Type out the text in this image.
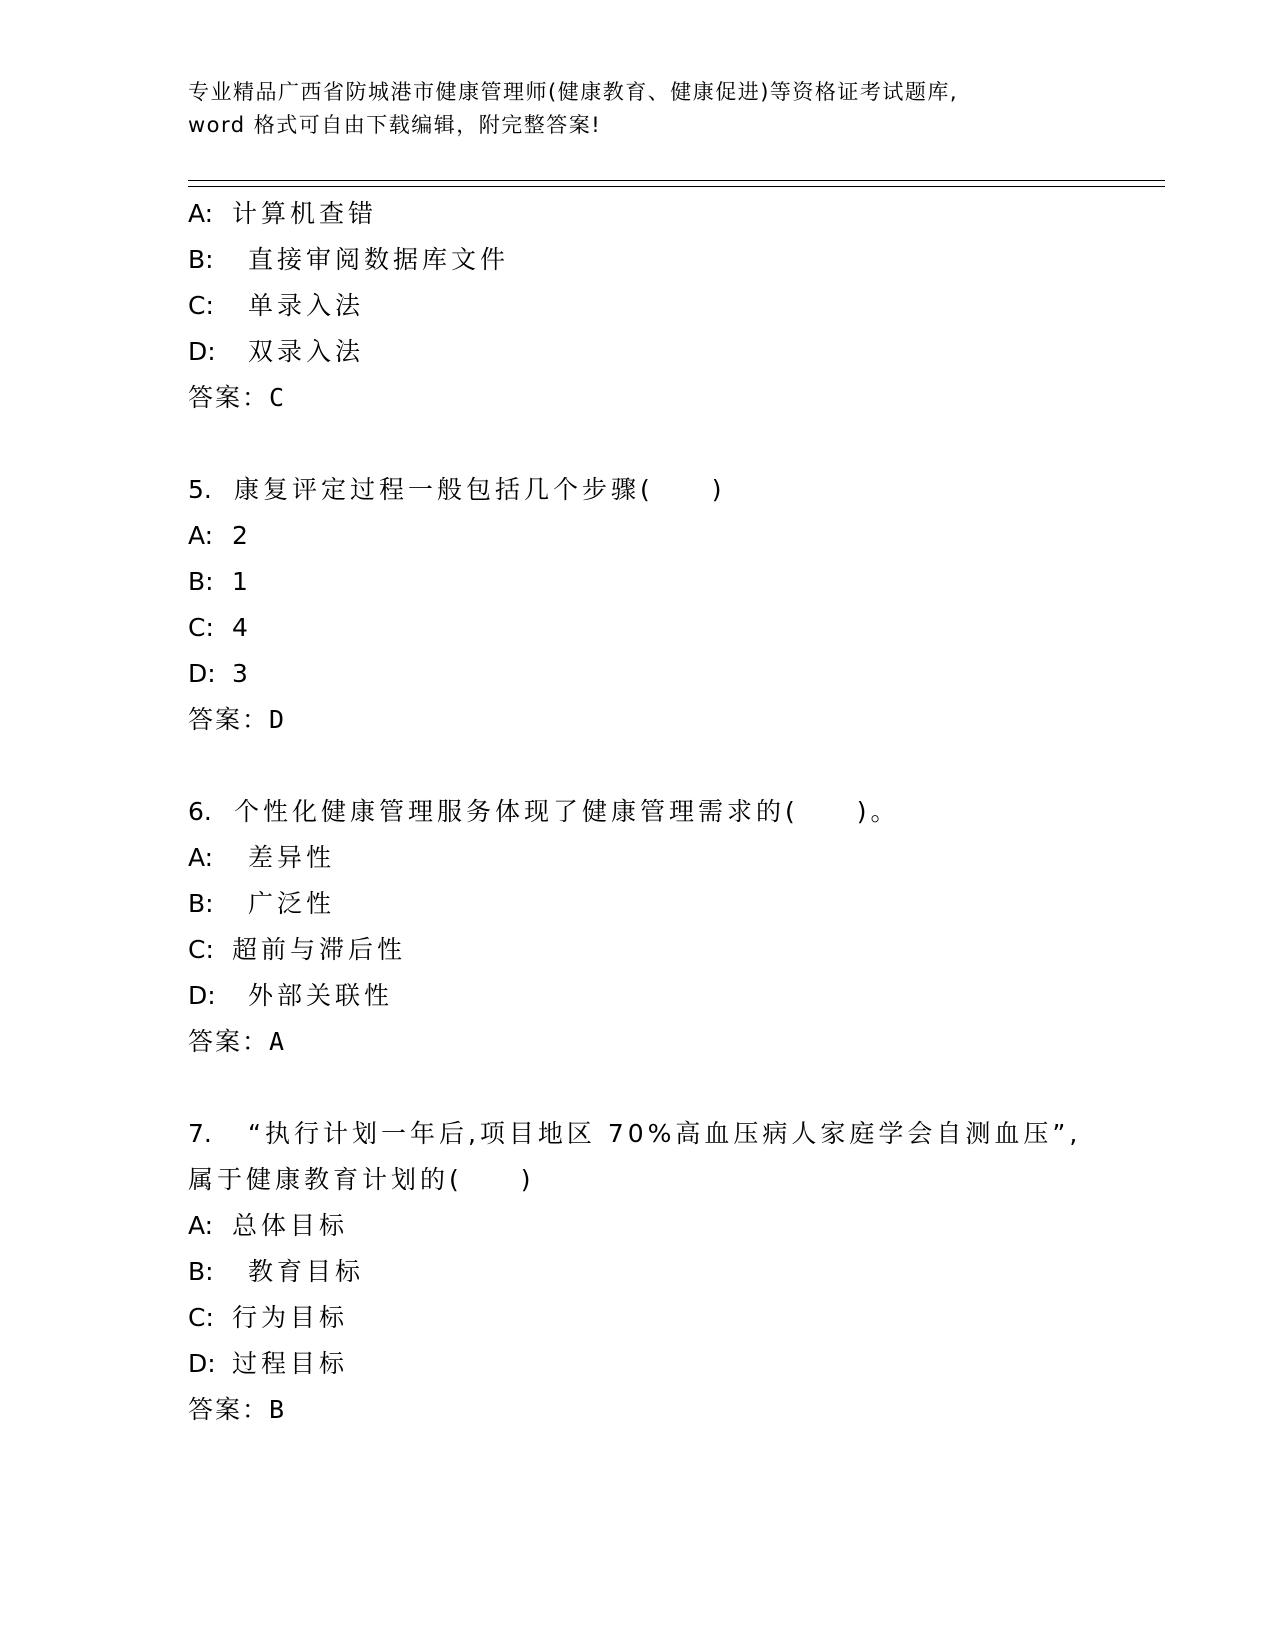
专业精品广西省防城港市健康管理师(健康教育、健康促进)等资格证考试题库,
word 格式可自由下载编辑，附完整答案!
A: 计算机查错
B: 直接审阅数据库文件
C: 单录入法
D: 双录入法
答案：C
5. 康复评定过程一般包括几个步骤(　　)
A: 2
B: 1
C: 4
D: 3
答案：D
6. 个性化健康管理服务体现了健康管理需求的(　　)。
A: 差异性
B: 广泛性
C: 超前与滞后性
D: 外部关联性
答案：A
7. “执行计划一年后,项目地区 70%高血压病人家庭学会自测血压”,
属于健康教育计划的(　　)
A: 总体目标
B: 教育目标
C: 行为目标
D: 过程目标
答案：B
